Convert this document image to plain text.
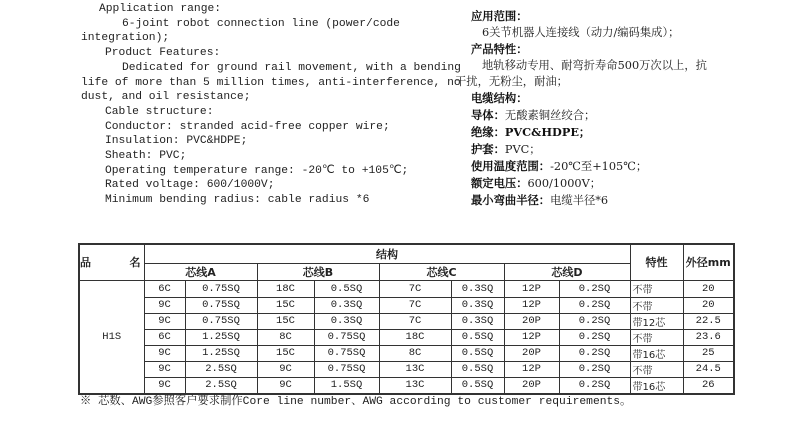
Application range:
6-joint robot connection line (power/code
integration);
Product Features:
Dedicated for ground rail movement, with a bending
life of more than 5 million times, anti-interference, no
dust, and oil resistance;
Cable structure:
Conductor: stranded acid-free copper wire;
Insulation: PVC&HDPE;
Sheath: PVC;
Operating temperature range: -20℃ to +105℃;
Rated voltage: 600/1000V;
Minimum bending radius: cable radius *6
应用范围：
6关节机器人连接线（动力/编码集成）；
产品特性：
地轨移动专用、耐弯折寿命500万次以上，抗
干扰，无粉尘，耐油；
电缆结构：
导体：无酸素铜丝绞合；
绝缘：PVC&HDPE；
护套：PVC；
使用温度范围：-20℃至+105℃；
额定电压：600/1000V；
最小弯曲半径：电缆半径*6
品 名	结构								特性	外径mm
	芯线A		芯线B		芯线C		芯线D			
H1S	6C	0.75SQ	18C	0.5SQ	7C	0.3SQ	12P	0.2SQ	不带	20
	9C	0.75SQ	15C	0.3SQ	7C	0.3SQ	12P	0.2SQ	不带	20
	9C	0.75SQ	15C	0.3SQ	7C	0.3SQ	20P	0.2SQ	带12芯	22.5
	6C	1.25SQ	8C	0.75SQ	18C	0.5SQ	12P	0.2SQ	不带	23.6
	9C	1.25SQ	15C	0.75SQ	8C	0.5SQ	20P	0.2SQ	带16芯	25
	9C	2.5SQ	9C	0.75SQ	13C	0.5SQ	12P	0.2SQ	不带	24.5
	9C	2.5SQ	9C	1.5SQ	13C	0.5SQ	20P	0.2SQ	带16芯	26
※ 芯数、AWG参照客户要求制作Core line number、AWG according to customer requirements。
